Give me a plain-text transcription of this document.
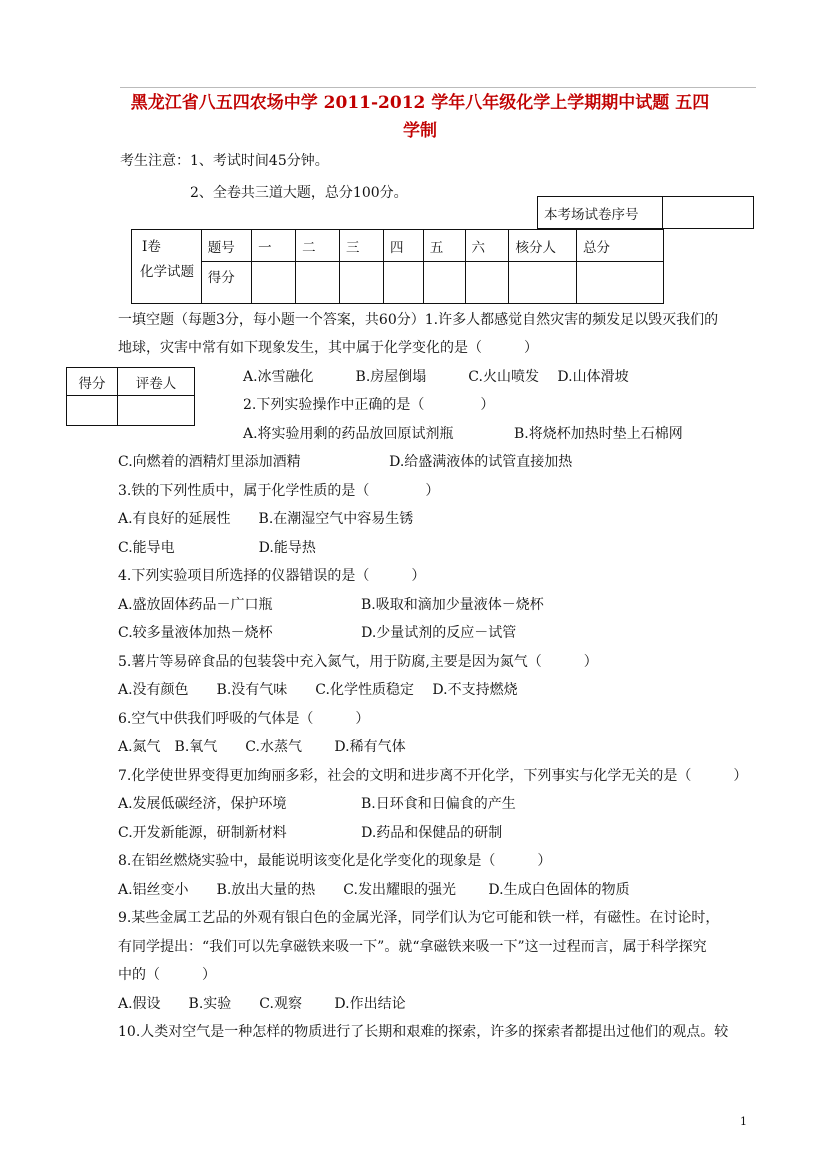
黑龙江省八五四农场中学 2011-2012 学年八年级化学上学期期中试题 五四
学制
考生注意：1、考试时间45分钟。
2、全卷共三道大题，总分100分。
本考场试卷序号	
Ⅰ卷
化学试题	题号	一	二	三	四	五	六	核分人	总分
	得分								
得分	评卷人

一填空题（每题3分，每小题一个答案，共60分）1.许多人都感觉自然灾害的频发足以毁灭我们的
地球，灾害中常有如下现象发生，其中属于化学变化的是（　　　）
A.冰雪融化　　　B.房屋倒塌　　　C.火山喷发　 D.山体滑坡
2.下列实验操作中正确的是（　　　　）
A.将实验用剩的药品放回原试剂瓶　　　　 B.将烧杯加热时垫上石棉网
C.向燃着的酒精灯里添加酒精　　　　　　 D.给盛满液体的试管直接加热
3.铁的下列性质中，属于化学性质的是（　　　　）
A.有良好的延展性　　B.在潮湿空气中容易生锈
C.能导电　　　　　　D.能导热
4.下列实验项目所选择的仪器错误的是（　　　）
A.盛放固体药品－广口瓶　　　　　　 B.吸取和滴加少量液体－烧杯
C.较多量液体加热－烧杯　　　　　　 D.少量试剂的反应－试管
5.薯片等易碎食品的包装袋中充入氮气，用于防腐,主要是因为氮气（　　　）
A.没有颜色　　B.没有气味　　C.化学性质稳定　 D.不支持燃烧
6.空气中供我们呼吸的气体是（　　　）
A.氮气　B.氧气　　C.水蒸气　　 D.稀有气体
7.化学使世界变得更加绚丽多彩，社会的文明和进步离不开化学，下列事实与化学无关的是（　　　）
A.发展低碳经济，保护环境　　　　　 B.日环食和日偏食的产生
C.开发新能源，研制新材料　　　　　 D.药品和保健品的研制
8.在铝丝燃烧实验中，最能说明该变化是化学变化的现象是（　　　）
A.铝丝变小　　B.放出大量的热　　C.发出耀眼的强光　　 D.生成白色固体的物质
9.某些金属工艺品的外观有银白色的金属光泽，同学们认为它可能和铁一样，有磁性。在讨论时，
有同学提出：“我们可以先拿磁铁来吸一下”。就“拿磁铁来吸一下”这一过程而言，属于科学探究
中的（　　　）
A.假设　　B.实验　　C.观察　　 D.作出结论
10.人类对空气是一种怎样的物质进行了长期和艰难的探索，许多的探索者都提出过他们的观点。较
1
